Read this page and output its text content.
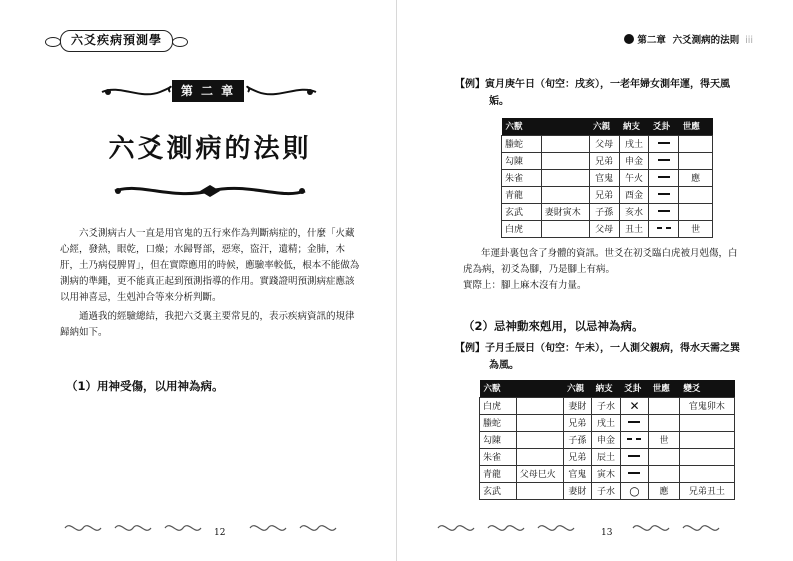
六爻疾病預測學
第 二 章
六爻測病的法則

六爻測病古人一直是用官鬼的五行來作為判斷病症的，什麼「火藏心經，發熱，眼乾，口燥；水歸腎部，惡寒，盜汗，遺精；金肺，木肝，土乃病侵脾胃」，但在實際應用的時候，應驗率較低，根本不能做為測病的準繩，更不能真正起到預測指導的作用。實踐證明預測病症應該以用神喜忌，生剋沖合等來分析判斷。

通過我的經驗總結，我把六爻裏主要常見的，表示疾病資訊的規律歸納如下。

（1）用神受傷，以用神為病。
12
第二章 六爻測病的法則 iii
【例】寅月庚午日（旬空：戌亥），一老年婦女測年運，得天風
姤。
六獸		六親	納支	爻卦	世應
螣蛇		父母	戌土		
勾陳		兄弟	申金		
朱雀		官鬼	午火		應
青龍		兄弟	酉金		
玄武	妻財寅木	子孫	亥水		
白虎		父母	丑土		世
年運卦裏包含了身體的資訊。世爻在初爻臨白虎被月剋傷，白
虎為病，初爻為腳，乃是腳上有病。
實際上：腳上麻木沒有力量。
（2）忌神動來剋用，以忌神為病。
【例】子月壬辰日（旬空：午未），一人測父親病，得水天需之巽
為風。
六獸		六親	納支	爻卦	世應	變爻
白虎		妻財	子水	✕		官鬼卯木
螣蛇		兄弟	戌土			
勾陳		子孫	申金		世	
朱雀		兄弟	辰土			
青龍	父母巳火	官鬼	寅木			
玄武		妻財	子水	○	應	兄弟丑土
13
